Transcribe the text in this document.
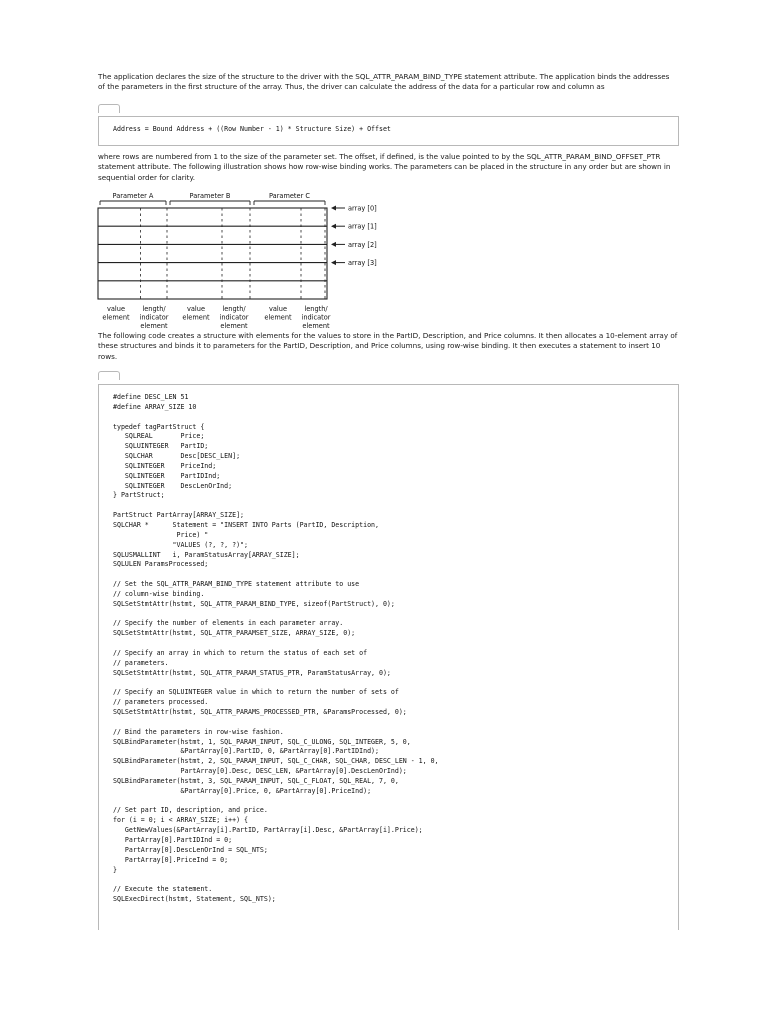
The application declares the size of the structure to the driver with the SQL_ATTR_PARAM_BIND_TYPE statement attribute. The application binds the addresses of the parameters in the first structure of the array. Thus, the driver can calculate the address of the data for a particular row and column as

Address = Bound Address + ((Row Number - 1) * Structure Size) + Offset

where rows are numbered from 1 to the size of the parameter set. The offset, if defined, is the value pointed to by the SQL_ATTR_PARAM_BIND_OFFSET_PTR statement attribute. The following illustration shows how row-wise binding works. The parameters can be placed in the structure in any order but are shown in sequential order for clarity.

Parameter A	Parameter B	Parameter C
array [0]
array [1]
array [2]
array [3]
value
element
length/
indicator
element
value
element
length/
indicator
element
value
element
length/
indicator
element

The following code creates a structure with elements for the values to store in the PartID, Description, and Price columns. It then allocates a 10-element array of these structures and binds it to parameters for the PartID, Description, and Price columns, using row-wise binding. It then executes a statement to insert 10 rows.

#define DESC_LEN 51
#define ARRAY_SIZE 10

typedef tagPartStruct {
SQLREAL       Price;
SQLUINTEGER   PartID;
SQLCHAR       Desc[DESC_LEN];
SQLINTEGER    PriceInd;
SQLINTEGER    PartIDInd;
SQLINTEGER    DescLenOrInd;
} PartStruct;

PartStruct PartArray[ARRAY_SIZE];
SQLCHAR *      Statement = "INSERT INTO Parts (PartID, Description,
Price) "
"VALUES (?, ?, ?)";
SQLUSMALLINT   i, ParamStatusArray[ARRAY_SIZE];
SQLULEN ParamsProcessed;

// Set the SQL_ATTR_PARAM_BIND_TYPE statement attribute to use
// column-wise binding.
SQLSetStmtAttr(hstmt, SQL_ATTR_PARAM_BIND_TYPE, sizeof(PartStruct), 0);

// Specify the number of elements in each parameter array.
SQLSetStmtAttr(hstmt, SQL_ATTR_PARAMSET_SIZE, ARRAY_SIZE, 0);

// Specify an array in which to return the status of each set of
// parameters.
SQLSetStmtAttr(hstmt, SQL_ATTR_PARAM_STATUS_PTR, ParamStatusArray, 0);

// Specify an SQLUINTEGER value in which to return the number of sets of
// parameters processed.
SQLSetStmtAttr(hstmt, SQL_ATTR_PARAMS_PROCESSED_PTR, &ParamsProcessed, 0);

// Bind the parameters in row-wise fashion.
SQLBindParameter(hstmt, 1, SQL_PARAM_INPUT, SQL_C_ULONG, SQL_INTEGER, 5, 0,
&PartArray[0].PartID, 0, &PartArray[0].PartIDInd);
SQLBindParameter(hstmt, 2, SQL_PARAM_INPUT, SQL_C_CHAR, SQL_CHAR, DESC_LEN - 1, 0,
PartArray[0].Desc, DESC_LEN, &PartArray[0].DescLenOrInd);
SQLBindParameter(hstmt, 3, SQL_PARAM_INPUT, SQL_C_FLOAT, SQL_REAL, 7, 0,
&PartArray[0].Price, 0, &PartArray[0].PriceInd);

// Set part ID, description, and price.
for (i = 0; i < ARRAY_SIZE; i++) {
GetNewValues(&PartArray[i].PartID, PartArray[i].Desc, &PartArray[i].Price);
PartArray[0].PartIDInd = 0;
PartArray[0].DescLenOrInd = SQL_NTS;
PartArray[0].PriceInd = 0;
}

// Execute the statement.
SQLExecDirect(hstmt, Statement, SQL_NTS);
